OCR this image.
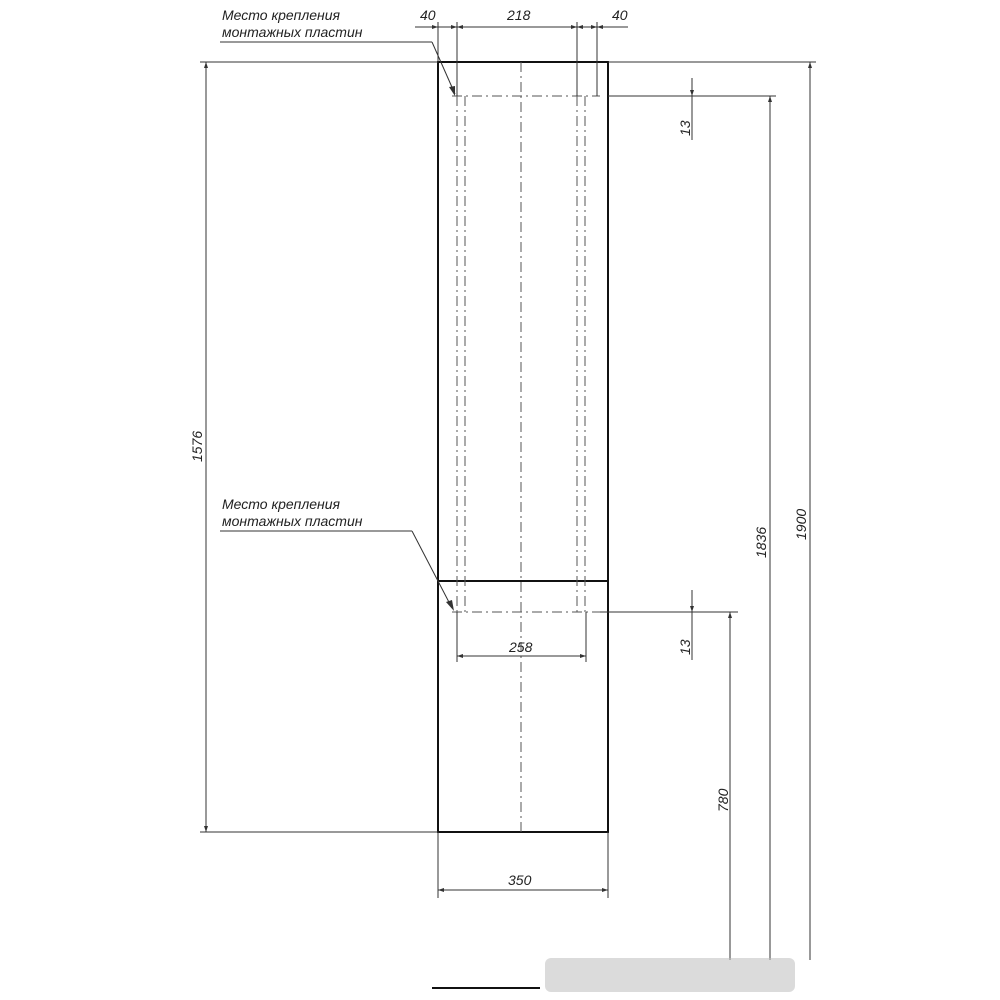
40	218	40
Место крепления
монтажных пластин
13
Место крепления
монтажных пластин
13
258
350
1576
1900
1836
780
